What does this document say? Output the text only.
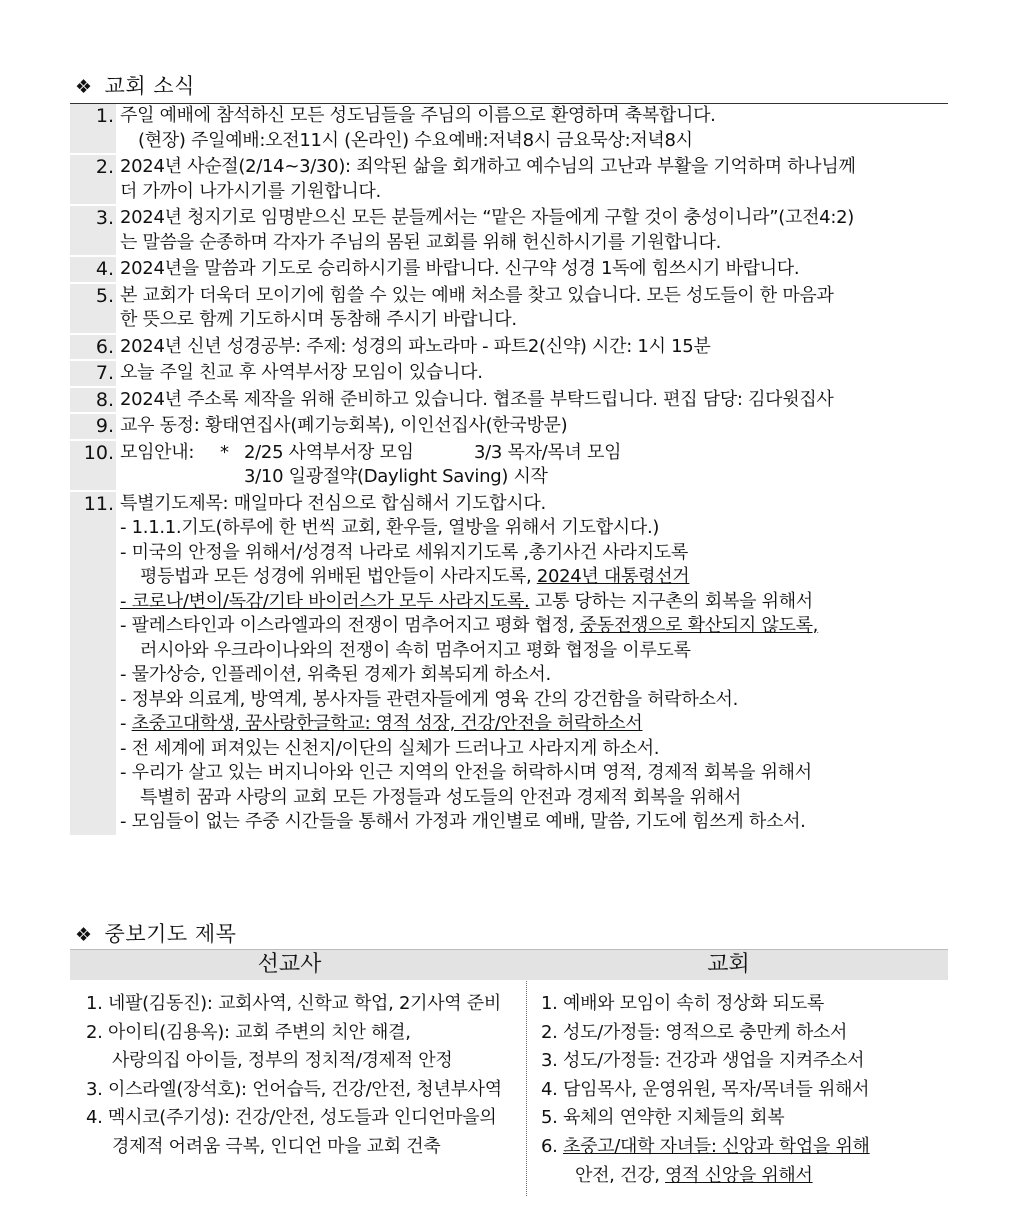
❖ 교회 소식
1. 주일 예배에 참석하신 모든 성도님들을 주님의 이름으로 환영하며 축복합니다.

(현장) 주일예배:오전11시 (온라인) 수요예배:저녁8시 금요묵상:저녁8시
2. 2024년 사순절(2/14~3/30): 죄악된 삶을 회개하고 예수님의 고난과 부활을 기억하며 하나님께
더 가까이 나가시기를 기원합니다.
3. 2024년 청지기로 임명받으신 모든 분들께서는 “맡은 자들에게 구할 것이 충성이니라”(고전4:2)
는 말씀을 순종하며 각자가 주님의 몸된 교회를 위해 헌신하시기를 기원합니다.
4. 2024년을 말씀과 기도로 승리하시기를 바랍니다. 신구약 성경 1독에 힘쓰시기 바랍니다.
5. 본 교회가 더욱더 모이기에 힘쓸 수 있는 예배 처소를 찾고 있습니다. 모든 성도들이 한 마음과
한 뜻으로 함께 기도하시며 동참해 주시기 바랍니다.
6. 2024년 신년 성경공부: 주제: 성경의 파노라마 - 파트2(신약) 시간: 1시 15분
7. 오늘 주일 친교 후 사역부서장 모임이 있습니다.
8. 2024년 주소록 제작을 위해 준비하고 있습니다. 협조를 부탁드립니다. 편집 담당: 김다윗집사
9. 교우 동정: 황태연집사(폐기능회복), 이인선집사(한국방문)
10. 모임안내: * 2/25 사역부서장 모임	3/3 목자/목녀 모임
3/10 일광절약(Daylight Saving) 시작
11. 특별기도제목: 매일마다 전심으로 합심해서 기도합시다.
- 1.1.1.기도(하루에 한 번씩 교회, 환우들, 열방을 위해서 기도합시다.)
- 미국의 안정을 위해서/성경적 나라로 세워지기도록 ,총기사건 사라지도록
평등법과 모든 성경에 위배된 법안들이 사라지도록, 2024년 대통령선거
- 코로나/변이/독감/기타 바이러스가 모두 사라지도록. 고통 당하는 지구촌의 회복을 위해서
- 팔레스타인과 이스라엘과의 전쟁이 멈추어지고 평화 협정, 중동전쟁으로 확산되지 않도록,
러시아와 우크라이나와의 전쟁이 속히 멈추어지고 평화 협정을 이루도록
- 물가상승, 인플레이션, 위축된 경제가 회복되게 하소서.
- 정부와 의료계, 방역계, 봉사자들 관련자들에게 영육 간의 강건함을 허락하소서.
- 초중고대학생, 꿈사랑한글학교: 영적 성장, 건강/안전을 허락하소서
- 전 세계에 퍼져있는 신천지/이단의 실체가 드러나고 사라지게 하소서.
- 우리가 살고 있는 버지니아와 인근 지역의 안전을 허락하시며 영적, 경제적 회복을 위해서
특별히 꿈과 사랑의 교회 모든 가정들과 성도들의 안전과 경제적 회복을 위해서
- 모임들이 없는 주중 시간들을 통해서 가정과 개인별로 예배, 말씀, 기도에 힘쓰게 하소서.
❖ 중보기도 제목
선교사	교회
1. 네팔(김동진): 교회사역, 신학교 학업, 2기사역 준비
2. 아이티(김용옥): 교회 주변의 치안 해결,
사랑의집 아이들, 정부의 정치적/경제적 안정
3. 이스라엘(장석호): 언어습득, 건강/안전, 청년부사역
4. 멕시코(주기성): 건강/안전, 성도들과 인디언마을의
경제적 어려움 극복, 인디언 마을 교회 건축
1. 예배와 모임이 속히 정상화 되도록
2. 성도/가정들: 영적으로 충만케 하소서
3. 성도/가정들: 건강과 생업을 지켜주소서
4. 담임목사, 운영위원, 목자/목녀들 위해서
5. 육체의 연약한 지체들의 회복
6. 초중고/대학 자녀들: 신앙과 학업을 위해
안전, 건강, 영적 신앙을 위해서
